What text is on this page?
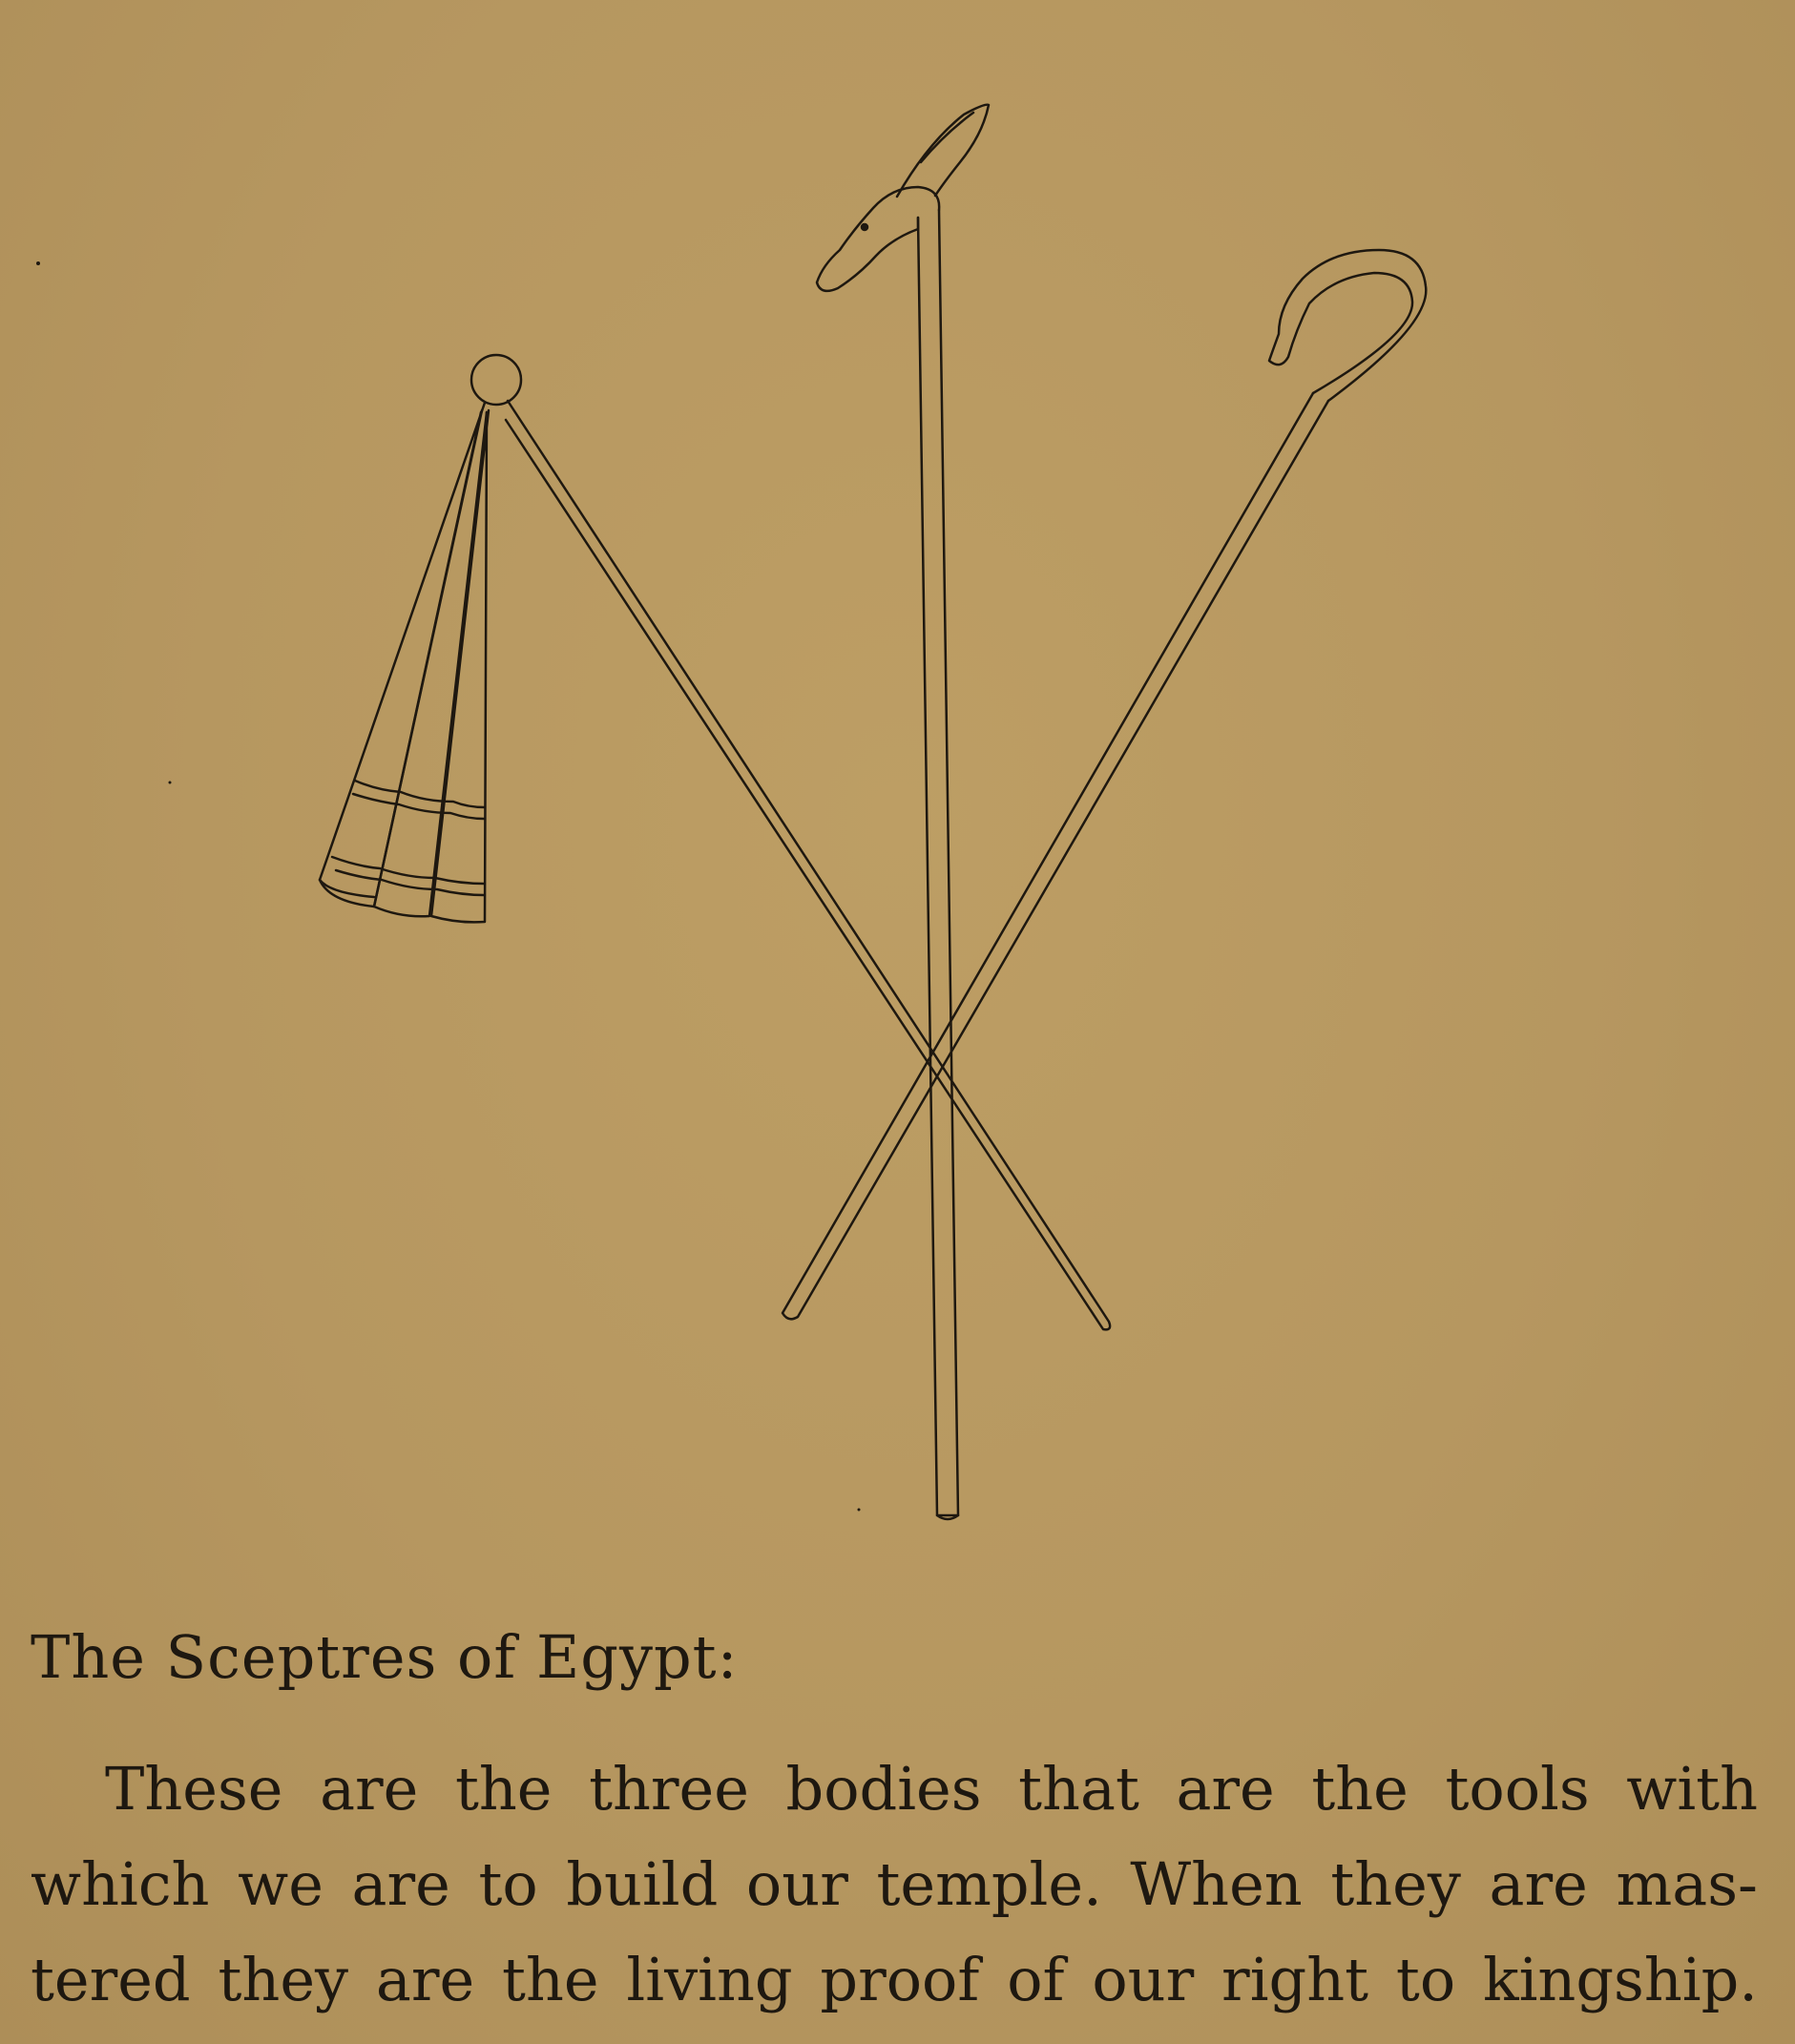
The Sceptres of Egypt:

These are the three bodies that are the tools with
which we are to build our temple. When they are mas-
tered they are the living proof of our right to kingship.
